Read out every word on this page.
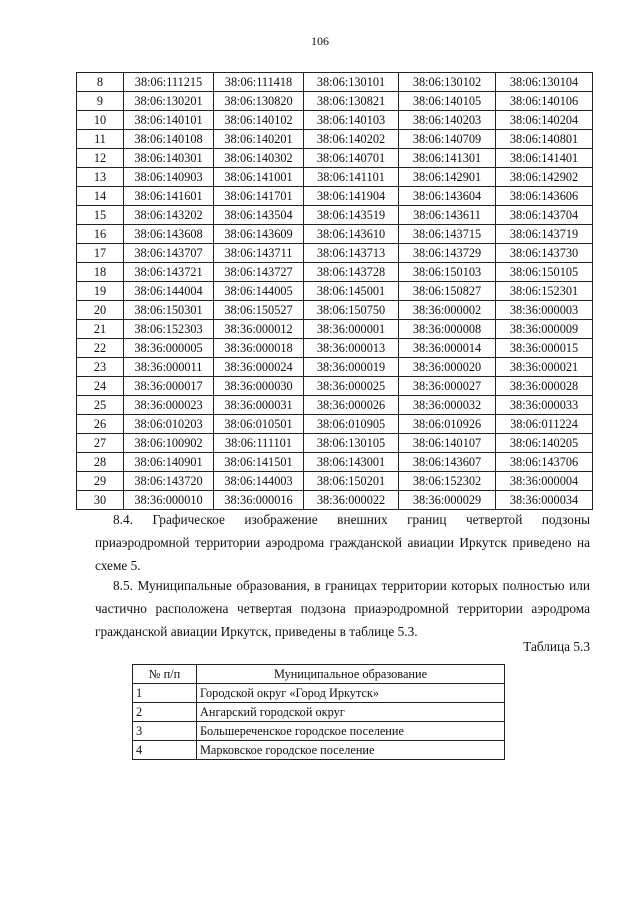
106
8	38:06:111215	38:06:111418	38:06:130101	38:06:130102	38:06:130104
9	38:06:130201	38:06:130820	38:06:130821	38:06:140105	38:06:140106
10	38:06:140101	38:06:140102	38:06:140103	38:06:140203	38:06:140204
11	38:06:140108	38:06:140201	38:06:140202	38:06:140709	38:06:140801
12	38:06:140301	38:06:140302	38:06:140701	38:06:141301	38:06:141401
13	38:06:140903	38:06:141001	38:06:141101	38:06:142901	38:06:142902
14	38:06:141601	38:06:141701	38:06:141904	38:06:143604	38:06:143606
15	38:06:143202	38:06:143504	38:06:143519	38:06:143611	38:06:143704
16	38:06:143608	38:06:143609	38:06:143610	38:06:143715	38:06:143719
17	38:06:143707	38:06:143711	38:06:143713	38:06:143729	38:06:143730
18	38:06:143721	38:06:143727	38:06:143728	38:06:150103	38:06:150105
19	38:06:144004	38:06:144005	38:06:145001	38:06:150827	38:06:152301
20	38:06:150301	38:06:150527	38:06:150750	38:36:000002	38:36:000003
21	38:06:152303	38:36:000012	38:36:000001	38:36:000008	38:36:000009
22	38:36:000005	38:36:000018	38:36:000013	38:36:000014	38:36:000015
23	38:36:000011	38:36:000024	38:36:000019	38:36:000020	38:36:000021
24	38:36:000017	38:36:000030	38:36:000025	38:36:000027	38:36:000028
25	38:36:000023	38:36:000031	38:36:000026	38:36:000032	38:36:000033
26	38:06:010203	38:06:010501	38:06:010905	38:06:010926	38:06:011224
27	38:06:100902	38:06:111101	38:06:130105	38:06:140107	38:06:140205
28	38:06:140901	38:06:141501	38:06:143001	38:06:143607	38:06:143706
29	38:06:143720	38:06:144003	38:06:150201	38:06:152302	38:36:000004
30	38:36:000010	38:36:000016	38:36:000022	38:36:000029	38:36:000034
8.4. Графическое изображение внешних границ четвертой подзоны приаэродромной территории аэродрома гражданской авиации Иркутск приведено на схеме 5.
8.5. Муниципальные образования, в границах территории которых полностью или частично расположена четвертая подзона приаэродромной территории аэродрома гражданской авиации Иркутск, приведены в таблице 5.3.
Таблица 5.3
№ п/п	Муниципальное образование
1	Городской округ «Город Иркутск»
2	Ангарский городской округ
3	Большереченское городское поселение
4	Марковское городское поселение
